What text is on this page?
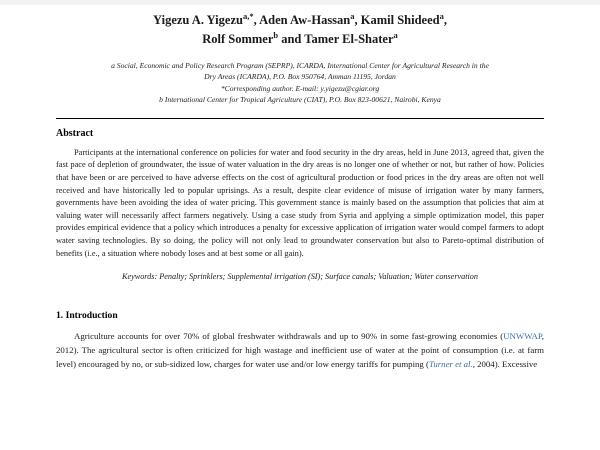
Yigezu A. Yigezu$^{a,*}$, Aden Aw-Hassan$^a$, Kamil Shideed$^a$,
Rolf Sommer$^b$ and Tamer El-Shater$^a$
a Social, Economic and Policy Research Program (SEPRP), ICARDA, International Center for Agricultural Research in the
Dry Areas (ICARDA), P.O. Box 950764, Amman 11195, Jordan
*Corresponding author. E-mail: y.yigezu@cgiar.org
b International Center for Tropical Agriculture (CIAT), P.O. Box 823-00621, Nairobi, Kenya
Abstract
Participants at the international conference on policies for water and food security in the dry areas, held in June 2013, agreed that, given the fast pace of depletion of groundwater, the issue of water valuation in the dry areas is no longer one of whether or not, but rather of how. Policies that have been or are perceived to have adverse effects on the cost of agricultural production or food prices in the dry areas are often not well received and have historically led to popular uprisings. As a result, despite clear evidence of misuse of irrigation water by many farmers, governments have been avoiding the idea of water pricing. This government stance is mainly based on the assumption that policies that aim at valuing water will necessarily affect farmers negatively. Using a case study from Syria and applying a simple optimization model, this paper provides empirical evidence that a policy which introduces a penalty for excessive application of irrigation water would compel farmers to adopt water saving technologies. By so doing, the policy will not only lead to groundwater conservation but also to Pareto-optimal distribution of benefits (i.e., a situation where nobody loses and at best some or all gain).
Keywords: Penalty; Sprinklers; Supplemental irrigation (SI); Surface canals; Valuation; Water conservation
1. Introduction
Agriculture accounts for over 70% of global freshwater withdrawals and up to 90% in some fast-growing economies (UNWWAP, 2012). The agricultural sector is often criticized for high wastage and inefficient use of water at the point of consumption (i.e. at farm level) encouraged by no, or sub-sidized low, charges for water use and/or low energy tariffs for pumping (Turner et al., 2004). Excessive
